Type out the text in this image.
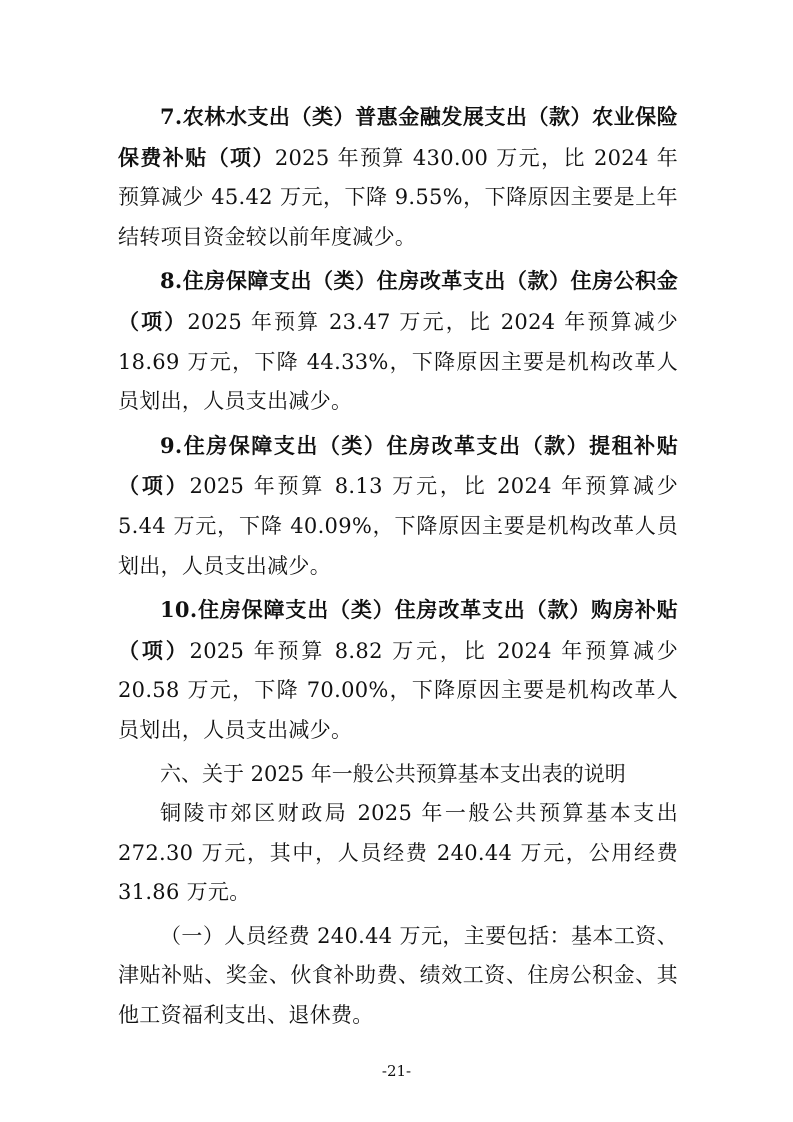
7.农林水支出（类）普惠金融发展支出（款）农业保险保费补贴（项）2025 年预算 430.00 万元，比 2024 年预算减少 45.42 万元，下降 9.55%，下降原因主要是上年结转项目资金较以前年度减少。

8.住房保障支出（类）住房改革支出（款）住房公积金（项）2025 年预算 23.47 万元，比 2024 年预算减少 18.69 万元，下降 44.33%，下降原因主要是机构改革人员划出，人员支出减少。

9.住房保障支出（类）住房改革支出（款）提租补贴（项）2025 年预算 8.13 万元，比 2024 年预算减少 5.44 万元，下降 40.09%，下降原因主要是机构改革人员划出，人员支出减少。

10.住房保障支出（类）住房改革支出（款）购房补贴（项）2025 年预算 8.82 万元，比 2024 年预算减少 20.58 万元，下降 70.00%，下降原因主要是机构改革人员划出，人员支出减少。

六、关于 2025 年一般公共预算基本支出表的说明

铜陵市郊区财政局 2025 年一般公共预算基本支出 272.30 万元，其中，人员经费 240.44 万元，公用经费 31.86 万元。

（一）人员经费 240.44 万元，主要包括：基本工资、津贴补贴、奖金、伙食补助费、绩效工资、住房公积金、其他工资福利支出、退休费。

-21-
